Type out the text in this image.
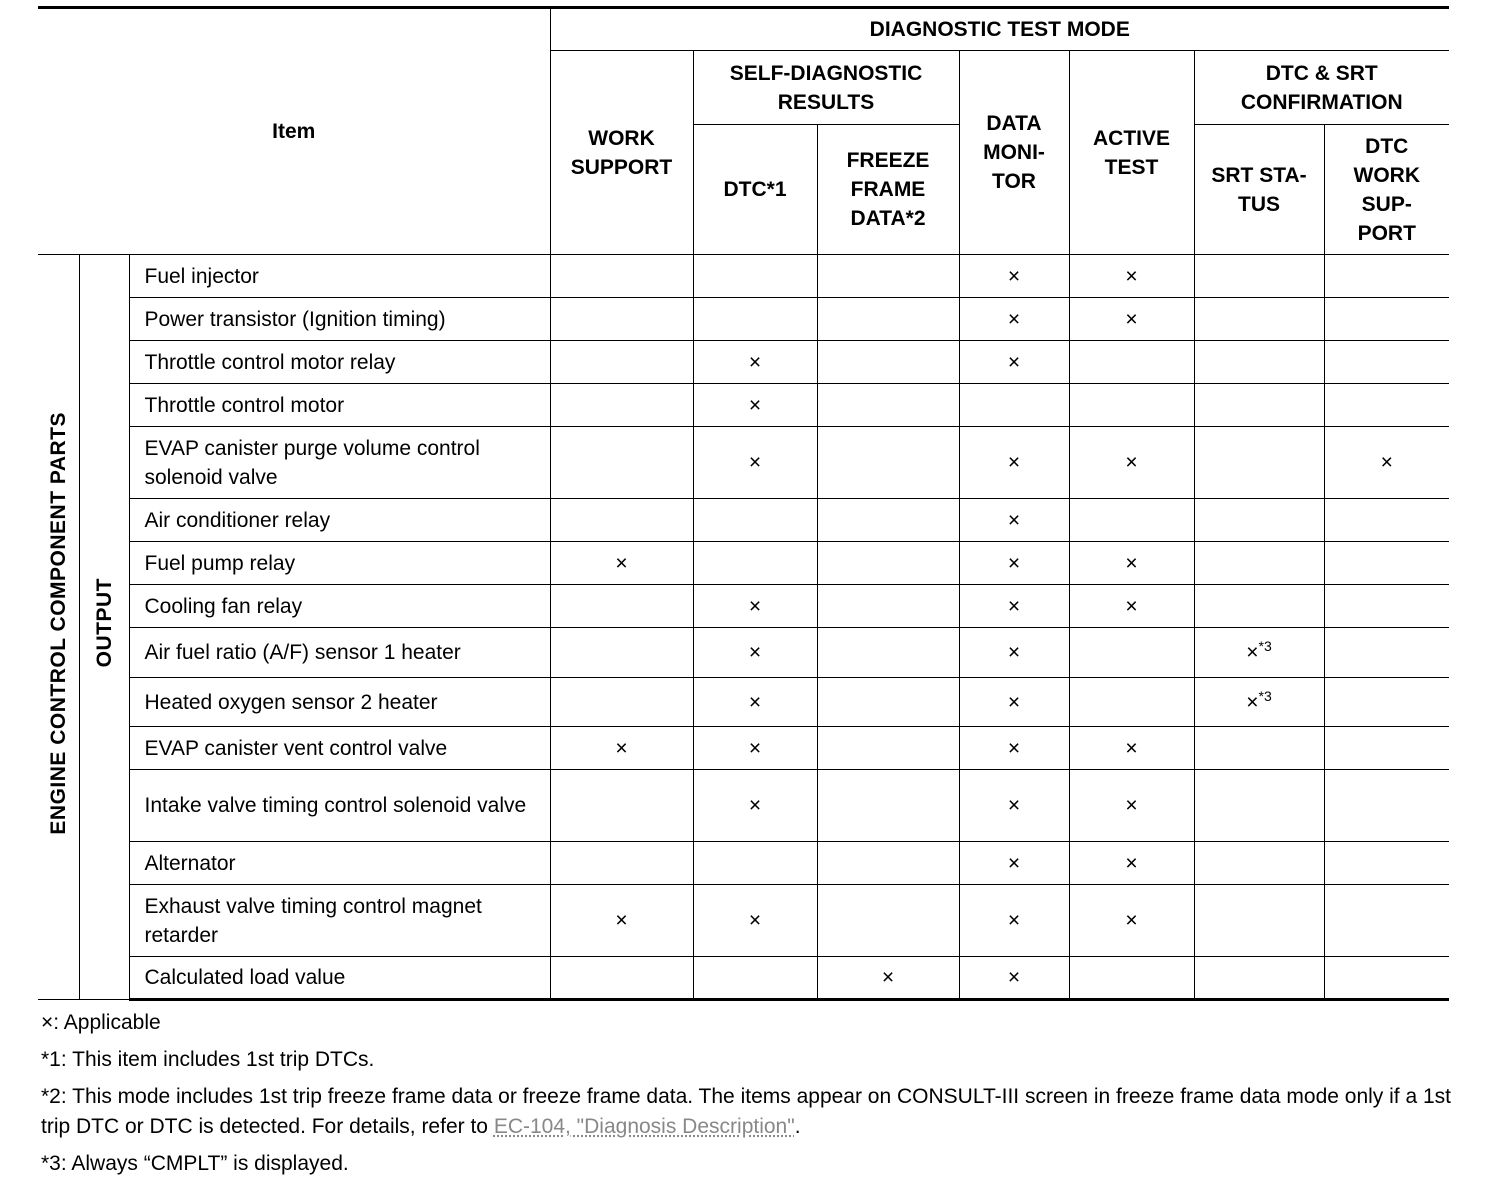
Item			DIAGNOSTIC TEST MODE						

			WORK SUPPORT	SELF-DIAGNOSTIC RESULTS		DATA MONI-TOR	ACTIVE TEST	DTC & SRT CONFIRMATION	

				DTC*1	FREEZE FRAME DATA*2			SRT STA-TUS	DTC WORK SUP-PORT

ENGINE CONTROL COMPONENT PARTS	OUTPUT	Fuel injector				×	×		
		Power transistor (Ignition timing)				×	×		
		Throttle control motor relay		×		×			
		Throttle control motor		×					
		EVAP canister purge volume control solenoid valve		×		×	×		×
		Air conditioner relay				×			
		Fuel pump relay	×			×	×		
		Cooling fan relay		×		×	×		
		Air fuel ratio (A/F) sensor 1 heater		×		×		×$^{*3}$	
		Heated oxygen sensor 2 heater		×		×		×$^{*3}$	
		EVAP canister vent control valve	×	×		×	×		
		Intake valve timing control solenoid valve		×		×	×		
		Alternator				×	×		
		Exhaust valve timing control magnet retarder	×	×		×	×		
		Calculated load value			×	×			

×: Applicable

*1: This item includes 1st trip DTCs.

*2: This mode includes 1st trip freeze frame data or freeze frame data. The items appear on CONSULT-III screen in freeze frame data mode only if a 1st trip DTC or DTC is detected. For details, refer to EC-104, "Diagnosis Description".

*3: Always “CMPLT” is displayed.
